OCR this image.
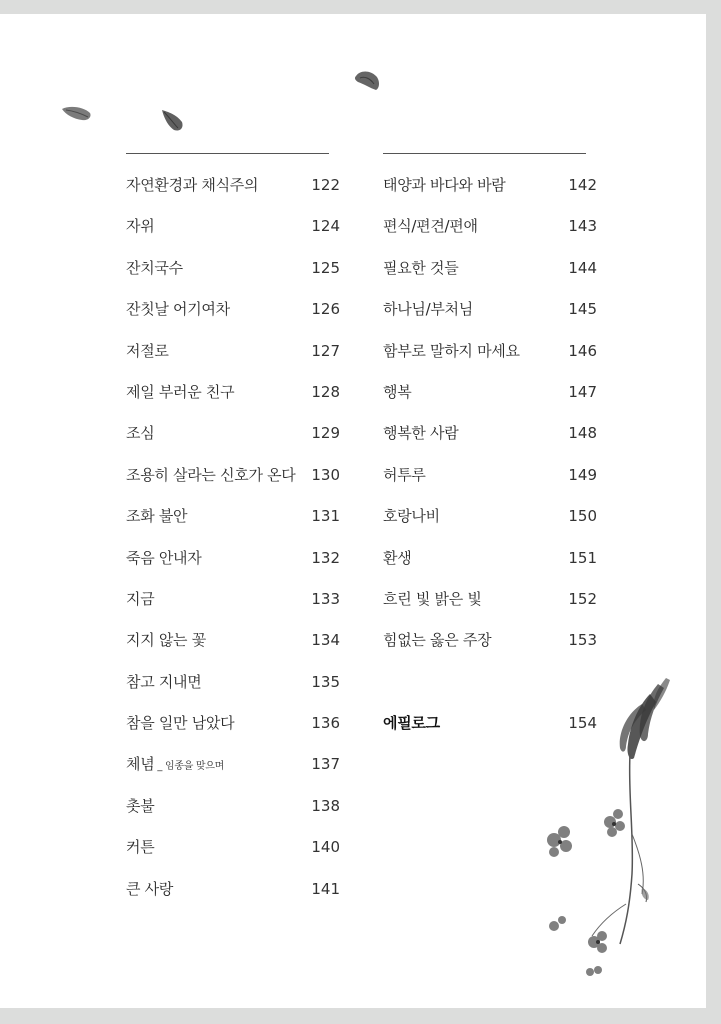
자연환경과 채식주의	122
자위	124
잔치국수	125
잔칫날 어기여차	126
저절로	127
제일 부러운 친구	128
조심	129
조용히 살라는 신호가 온다 130
조화 불안	131
죽음 안내자	132
지금	133
지지 않는 꽃	134
참고 지내면	135
참을 일만 남았다	136
체념 _ 임종을 맞으며	137
촛불	138
커튼	140
큰 사랑	141
태양과 바다와 바람	142
편식/편견/편애	143
필요한 것들	144
하나님/부처님	145
함부로 말하지 마세요	146
행복	147
행복한 사람	148
허투루	149
호랑나비	150
환생	151
흐린 빛 밝은 빛	152
힘없는 옳은 주장	153
에필로그	154
